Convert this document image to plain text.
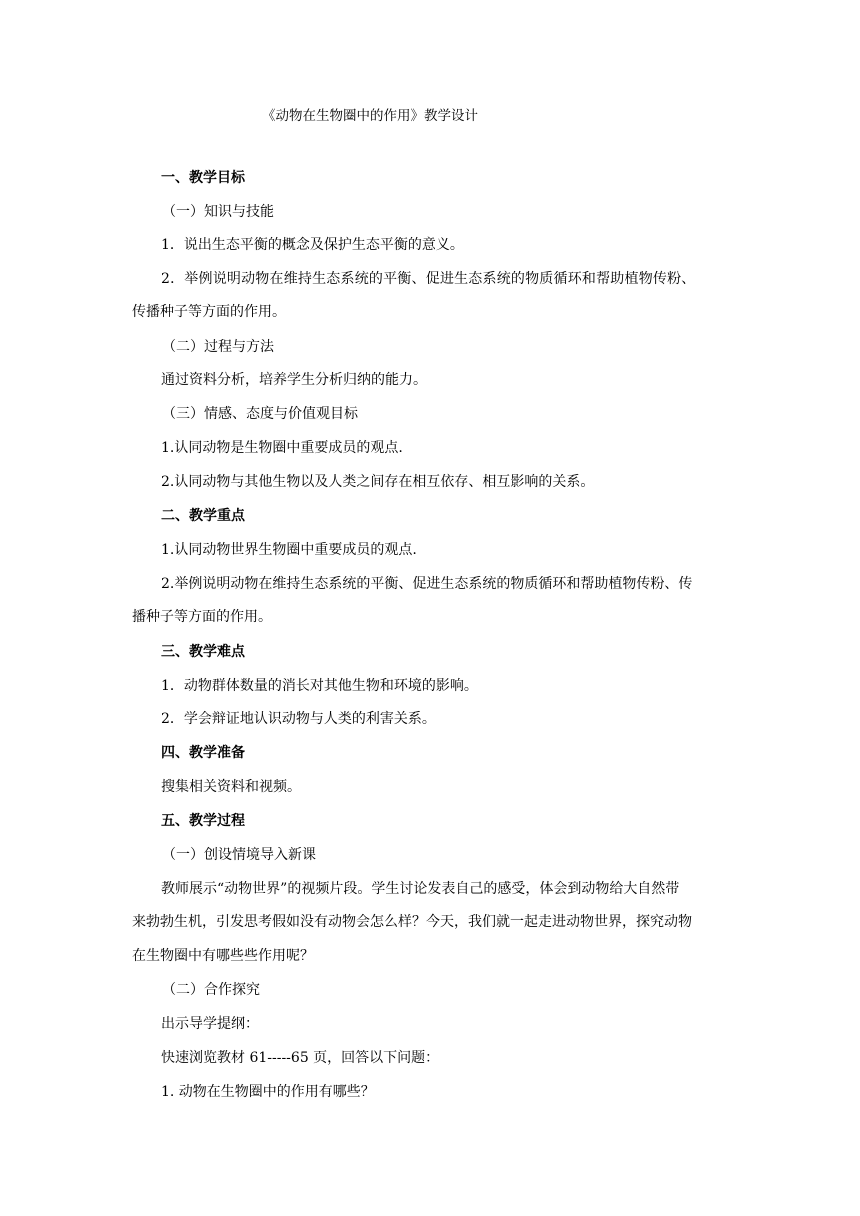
《动物在生物圈中的作用》教学设计

一、教学目标

（一）知识与技能

1．说出生态平衡的概念及保护生态平衡的意义。

2．举例说明动物在维持生态系统的平衡、促进生态系统的物质循环和帮助植物传粉、

传播种子等方面的作用。

（二）过程与方法

通过资料分析，培养学生分析归纳的能力。

（三）情感、态度与价值观目标

1.认同动物是生物圈中重要成员的观点.

2.认同动物与其他生物以及人类之间存在相互依存、相互影响的关系。

二、教学重点

1.认同动物世界生物圈中重要成员的观点.

2.举例说明动物在维持生态系统的平衡、促进生态系统的物质循环和帮助植物传粉、传

播种子等方面的作用。

三、教学难点

1．动物群体数量的消长对其他生物和环境的影响。

2．学会辩证地认识动物与人类的利害关系。

四、教学准备

搜集相关资料和视频。

五、教学过程

（一）创设情境导入新课

教师展示“动物世界”的视频片段。学生讨论发表自己的感受，体会到动物给大自然带

来勃勃生机，引发思考假如没有动物会怎么样？今天，我们就一起走进动物世界，探究动物

在生物圈中有哪些些作用呢？

（二）合作探究

出示导学提纲：

快速浏览教材 61-----65 页，回答以下问题：

1. 动物在生物圈中的作用有哪些？
